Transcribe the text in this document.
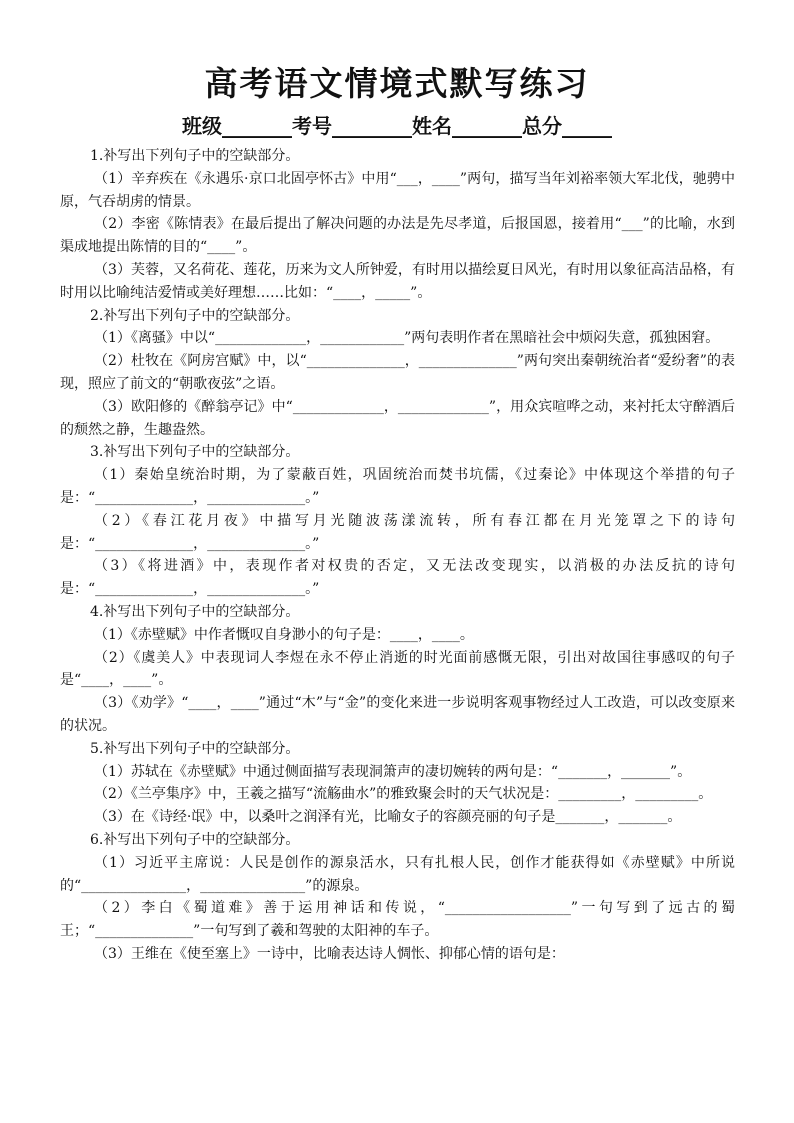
高考语文情境式默写练习
班级_______考号________姓名_______总分_____

1.补写出下列句子中的空缺部分。

（1）辛弃疾在《永遇乐·京口北固亭怀古》中用“___，____”两句，描写当年刘裕率领大军北伐，驰骋中原，气吞胡虏的情景。

（2）李密《陈情表》在最后提出了解决问题的办法是先尽孝道，后报国恩，接着用“___”的比喻，水到渠成地提出陈情的目的“____”。

（3）芙蓉，又名荷花、莲花，历来为文人所钟爱，有时用以描绘夏日风光，有时用以象征高洁品格，有时用以比喻纯洁爱情或美好理想……比如：“____，_____”。

2.补写出下列句子中的空缺部分。

（1）《离骚》中以“_____________，____________”两句表明作者在黑暗社会中烦闷失意，孤独困窘。

（2）杜牧在《阿房宫赋》中，以“______________，______________”两句突出秦朝统治者“爱纷奢”的表现，照应了前文的“朝歌夜弦”之语。

（3）欧阳修的《醉翁亭记》中“_____________，_____________”，用众宾喧哗之动，来衬托太守醉酒后的颓然之静，生趣盎然。

3.补写出下列句子中的空缺部分。

（1）秦始皇统治时期，为了蒙蔽百姓，巩固统治而焚书坑儒，《过秦论》中体现这个举措的句子是：“______________，______________。”

（2）《春江花月夜》中描写月光随波荡漾流转，所有春江都在月光笼罩之下的诗句是：“______________，______________。”

（3）《将进酒》中，表现作者对权贵的否定，又无法改变现实，以消极的办法反抗的诗句是：“______________，______________。”

4.补写出下列句子中的空缺部分。

（1）《赤壁赋》中作者慨叹自身渺小的句子是：____，____。

（2）《虞美人》中表现词人李煜在永不停止消逝的时光面前感慨无限，引出对故国往事感叹的句子是“____，____”。

（3）《劝学》“____，____”通过“木”与“金”的变化来进一步说明客观事物经过人工改造，可以改变原来的状况。

5.补写出下列句子中的空缺部分。

（1）苏轼在《赤壁赋》中通过侧面描写表现洞箫声的凄切婉转的两句是：“_______，_______”。

（2）《兰亭集序》中，王羲之描写“流觞曲水”的雅致聚会时的天气状况是：_________，_________。

（3）在《诗经·氓》中，以桑叶之润泽有光，比喻女子的容颜亮丽的句子是_______，_______。

6.补写出下列句子中的空缺部分。

（1）习近平主席说：人民是创作的源泉活水，只有扎根人民，创作才能获得如《赤壁赋》中所说的“_______________，_______________”的源泉。

（2）李白《蜀道难》善于运用神话和传说，“__________________”一句写到了远古的蜀王；“______________”一句写到了羲和驾驶的太阳神的车子。

（3）王维在《使至塞上》一诗中，比喻表达诗人惆怅、抑郁心情的语句是：
